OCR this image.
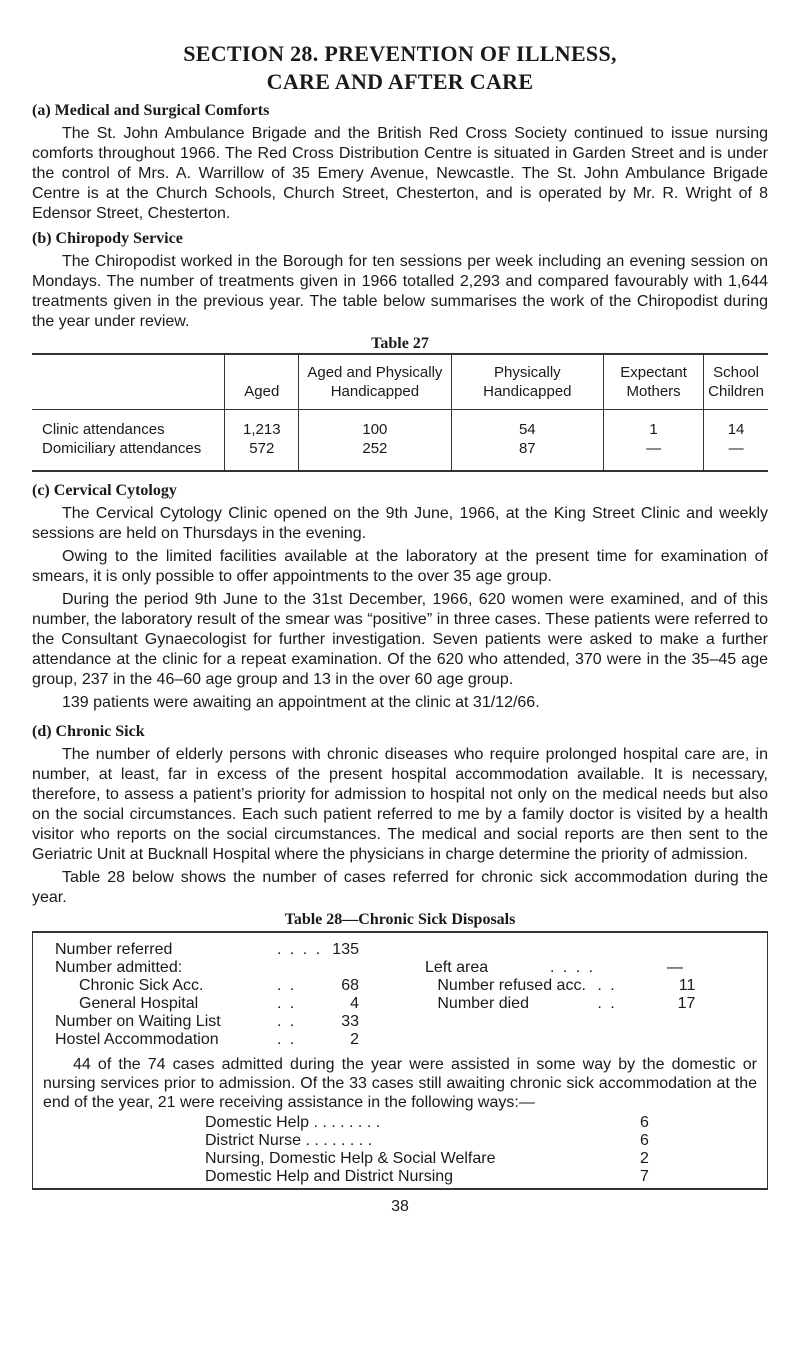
SECTION 28. PREVENTION OF ILLNESS,

CARE AND AFTER CARE

(a) Medical and Surgical Comforts

The St. John Ambulance Brigade and the British Red Cross Society continued to issue nursing comforts throughout 1966. The Red Cross Distribution Centre is situated in Garden Street and is under the control of Mrs. A. Warrillow of 35 Emery Avenue, Newcastle. The St. John Ambulance Brigade Centre is at the Church Schools, Church Street, Chesterton, and is operated by Mr. R. Wright of 8 Edensor Street, Chesterton.

(b) Chiropody Service

The Chiropodist worked in the Borough for ten sessions per week including an evening session on Mondays. The number of treatments given in 1966 totalled 2,293 and compared favourably with 1,644 treatments given in the previous year. The table below summarises the work of the Chiropodist during the year under review.

Table 27

	Aged	Aged and Physically Handicapped	Physically Handicapped	Expectant Mothers	School Children
Clinic attendances	1,213	100	54	1	14
Domiciliary attendances	572	252	87	—	—

(c) Cervical Cytology

The Cervical Cytology Clinic opened on the 9th June, 1966, at the King Street Clinic and weekly sessions are held on Thursdays in the evening.

Owing to the limited facilities available at the laboratory at the present time for examination of smears, it is only possible to offer appointments to the over 35 age group.

During the period 9th June to the 31st December, 1966, 620 women were examined, and of this number, the laboratory result of the smear was “positive” in three cases. These patients were referred to the Consultant Gynaecologist for further investigation. Seven patients were asked to make a further attendance at the clinic for a repeat examination. Of the 620 who attended, 370 were in the 35–45 age group, 237 in the 46–60 age group and 13 in the over 60 age group.

139 patients were awaiting an appointment at the clinic at 31/12/66.

(d) Chronic Sick

The number of elderly persons with chronic diseases who require prolonged hospital care are, in number, at least, far in excess of the present hospital accommodation available. It is necessary, therefore, to assess a patient’s priority for admission to hospital not only on the medical needs but also on the social circumstances. Each such patient referred to me by a family doctor is visited by a health visitor who reports on the social circumstances. The medical and social reports are then sent to the Geriatric Unit at Bucknall Hospital where the physicians in charge determine the priority of admission.

Table 28 below shows the number of cases referred for chronic sick accommodation during the year.

Table 28—Chronic Sick Disposals

Number referred	. . . . 135
Number admitted:	Left area	. . . .	—
Chronic Sick Acc.	. .	68	Number refused acc. . .	11
General Hospital	. .	4	Number died	. .	17
Number on Waiting List	. .	33
Hostel Accommodation	. .	2

44 of the 74 cases admitted during the year were assisted in some way by the domestic or nursing services prior to admission. Of the 33 cases still awaiting chronic sick accommodation at the end of the year, 21 were receiving assistance in the following ways:—

Domestic Help . . . . . . . .	6
District Nurse . . . . . . . .	6
Nursing, Domestic Help & Social Welfare	2
Domestic Help and District Nursing	7
38
